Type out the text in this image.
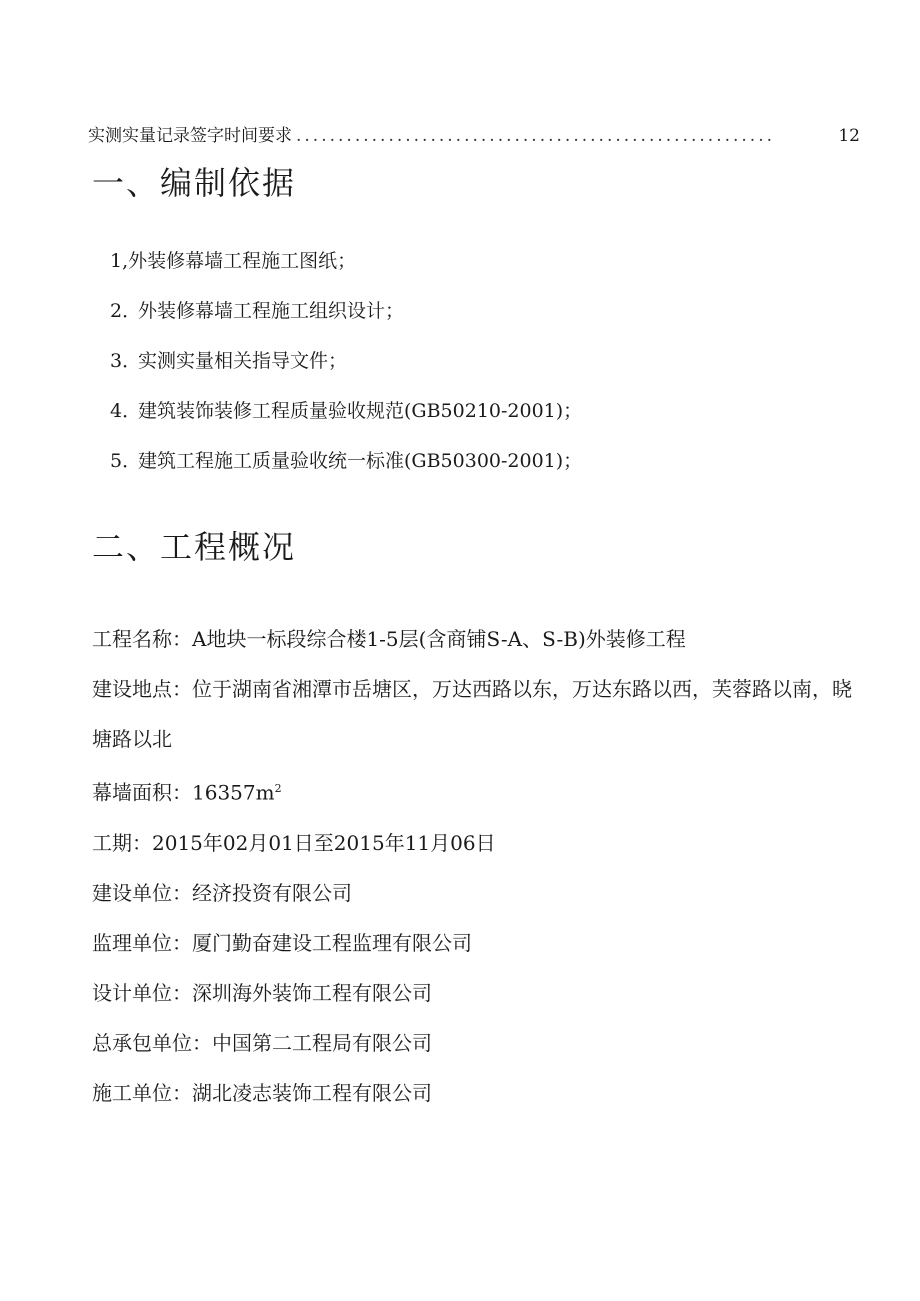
实测实量记录签字时间要求 .........................................................	12
一、编制依据
1,外装修幕墙工程施工图纸；
2．外装修幕墙工程施工组织设计；
3．实测实量相关指导文件；
4．建筑装饰装修工程质量验收规范(GB50210-2001)；
5．建筑工程施工质量验收统一标准(GB50300-2001)；
二、工程概况
工程名称：A地块一标段综合楼1-5层(含商铺S-A、S-B)外装修工程
建设地点：位于湖南省湘潭市岳塘区，万达西路以东，万达东路以西，芙蓉路以南，晓塘路以北
幕墙面积：$16357m^2$
工期：2015年02月01日至2015年11月06日
建设单位：经济投资有限公司
监理单位：厦门勤奋建设工程监理有限公司
设计单位：深圳海外装饰工程有限公司
总承包单位：中国第二工程局有限公司
施工单位：湖北凌志装饰工程有限公司
